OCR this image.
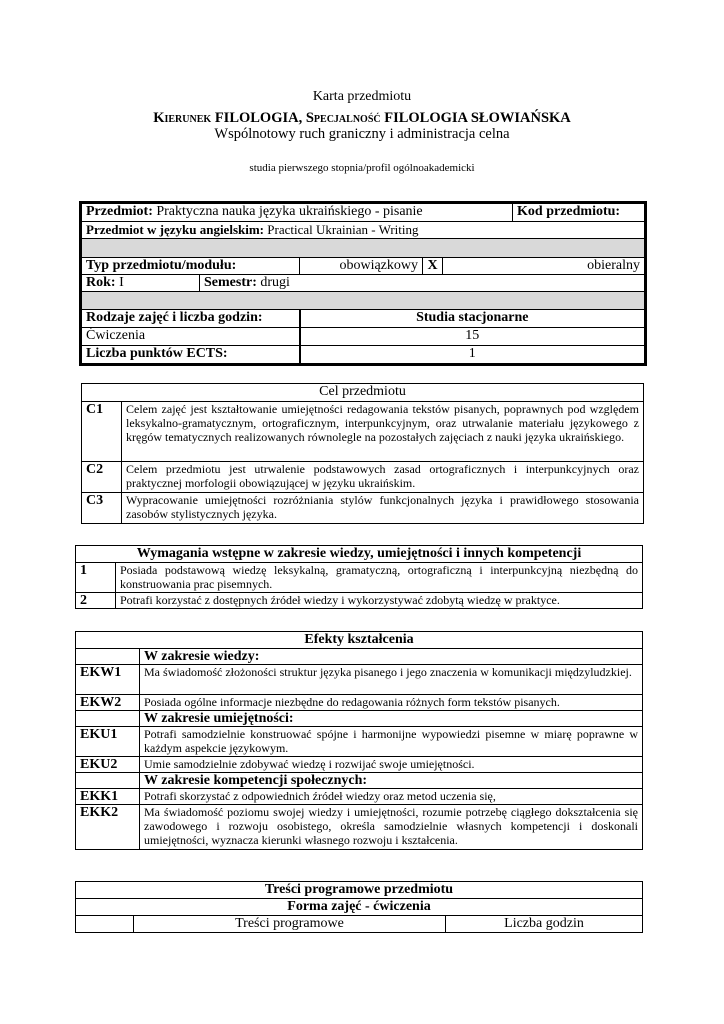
Karta przedmiotu
Kierunek FILOLOGIA, Specjalność FILOLOGIA SŁOWIAŃSKA
Wspólnotowy ruch graniczny i administracja celna
studia pierwszego stopnia/profil ogólnoakademicki
Przedmiot: Praktyczna nauka języka ukraińskiego - pisanie					Kod przedmiotu:
Przedmiot w języku angielskim: Practical Ukrainian - Writing					

Typ przedmiotu/modułu:		obowiązkowy	X	obieralny	
Rok: I	Semestr: drugi				

Rodzaje zajęć i liczba godzin:		Studia stacjonarne			
Ćwiczenia		15			
Liczba punktów ECTS:		1			
Cel przedmiotu	
C1	Celem zajęć jest kształtowanie umiejętności redagowania tekstów pisanych, poprawnych pod względem leksykalno-gramatycznym, ortograficznym, interpunkcyjnym, oraz utrwalanie materiału językowego z kręgów tematycznych realizowanych równolegle na pozostałych zajęciach z nauki języka ukraińskiego.
C2	Celem przedmiotu jest utrwalenie podstawowych zasad ortograficznych i interpunkcyjnych oraz praktycznej morfologii obowiązującej w języku ukraińskim.
C3	Wypracowanie umiejętności rozróżniania stylów funkcjonalnych języka i prawidłowego stosowania zasobów stylistycznych języka.
Wymagania wstępne w zakresie wiedzy, umiejętności i innych kompetencji	
1	Posiada podstawową wiedzę leksykalną, gramatyczną, ortograficzną i interpunkcyjną niezbędną do konstruowania prac pisemnych.
2	Potrafi korzystać z dostępnych źródeł wiedzy i wykorzystywać zdobytą wiedzę w praktyce.
Efekty kształcenia	
	W zakresie wiedzy:
EKW1	Ma świadomość złożoności struktur języka pisanego i jego znaczenia w komunikacji międzyludzkiej.
EKW2	Posiada ogólne informacje niezbędne do redagowania różnych form tekstów pisanych.
	W zakresie umiejętności:
EKU1	Potrafi samodzielnie konstruować spójne i harmonijne wypowiedzi pisemne w miarę poprawne w każdym aspekcie językowym.
EKU2	Umie samodzielnie zdobywać wiedzę i rozwijać swoje umiejętności.
	W zakresie kompetencji społecznych:
EKK1	Potrafi skorzystać z odpowiednich źródeł wiedzy oraz metod uczenia się,
EKK2	Ma świadomość poziomu swojej wiedzy i umiejętności, rozumie potrzebę ciągłego dokształcenia się zawodowego i rozwoju osobistego, określa samodzielnie własnych kompetencji i doskonali umiejętności, wyznacza kierunki własnego rozwoju i kształcenia.
Treści programowe przedmiotu
Forma zajęć - ćwiczenia
	Treści programowe	Liczba godzin
